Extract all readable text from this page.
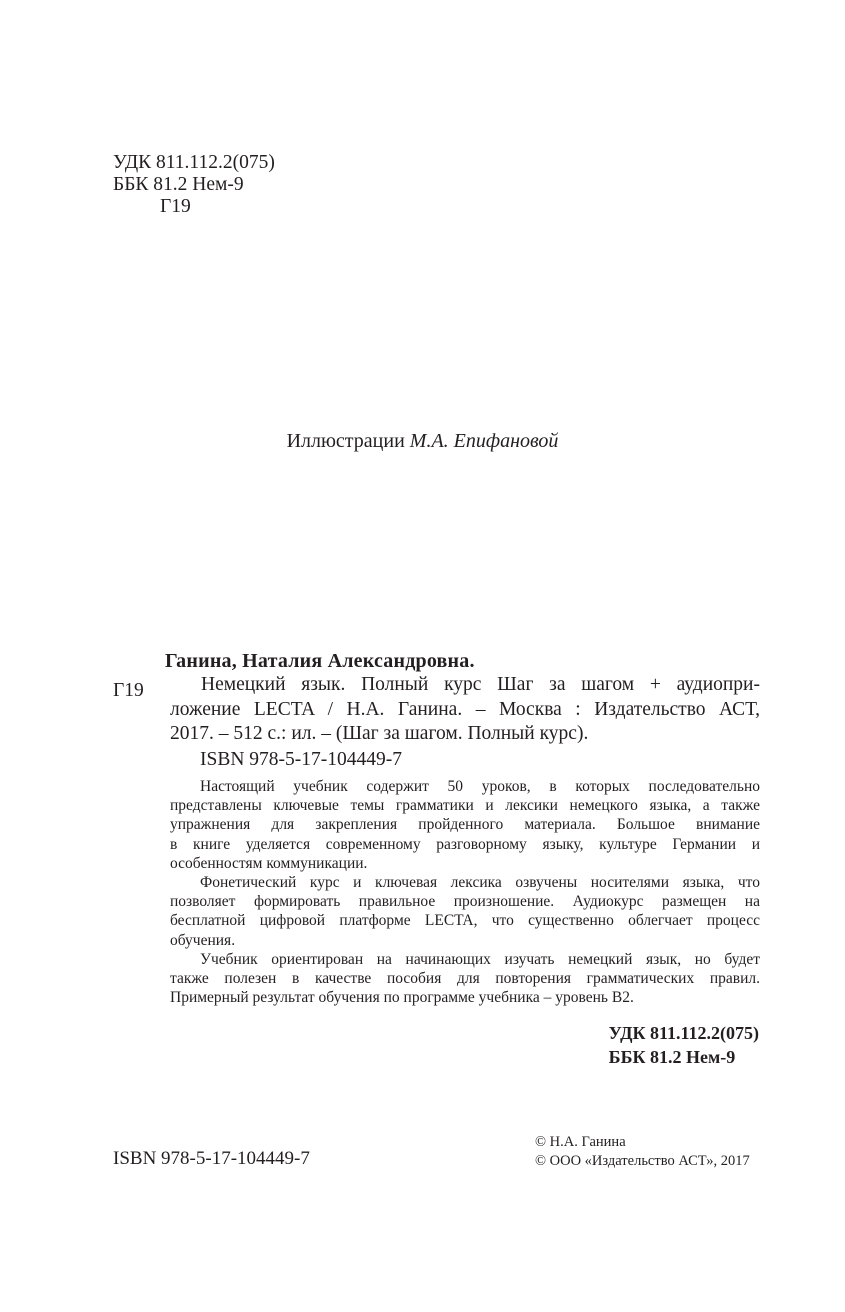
УДК 811.112.2(075)
ББК 81.2 Нем-9
Г19
Иллюстрации М.А. Епифановой
Ганина, Наталия Александровна.
Г19	Немецкий язык. Полный курс Шаг за шагом + аудиопри-

ложение LECTA / Н.А. Ганина. – Москва : Издательство АСТ,

2017. – 512 с.: ил. – (Шаг за шагом. Полный курс).

ISBN 978-5-17-104449-7
Настоящий учебник содержит 50 уроков, в которых последовательно
представлены ключевые темы грамматики и лексики немецкого языка, а также
упражнения для закрепления пройденного материала. Большое внимание
в книге уделяется современному разговорному языку, культуре Германии и
особенностям коммуникации.
Фонетический курс и ключевая лексика озвучены носителями языка, что
позволяет формировать правильное произношение. Аудиокурс размещен на
бесплатной цифровой платформе LECTA, что существенно облегчает процесс
обучения.
Учебник ориентирован на начинающих изучать немецкий язык, но будет
также полезен в качестве пособия для повторения грамматических правил.
Примерный результат обучения по программе учебника – уровень В2.
УДК 811.112.2(075)
ББК 81.2 Нем-9
ISBN 978-5-17-104449-7
© Н.А. Ганина
© ООО «Издательство АСТ», 2017
